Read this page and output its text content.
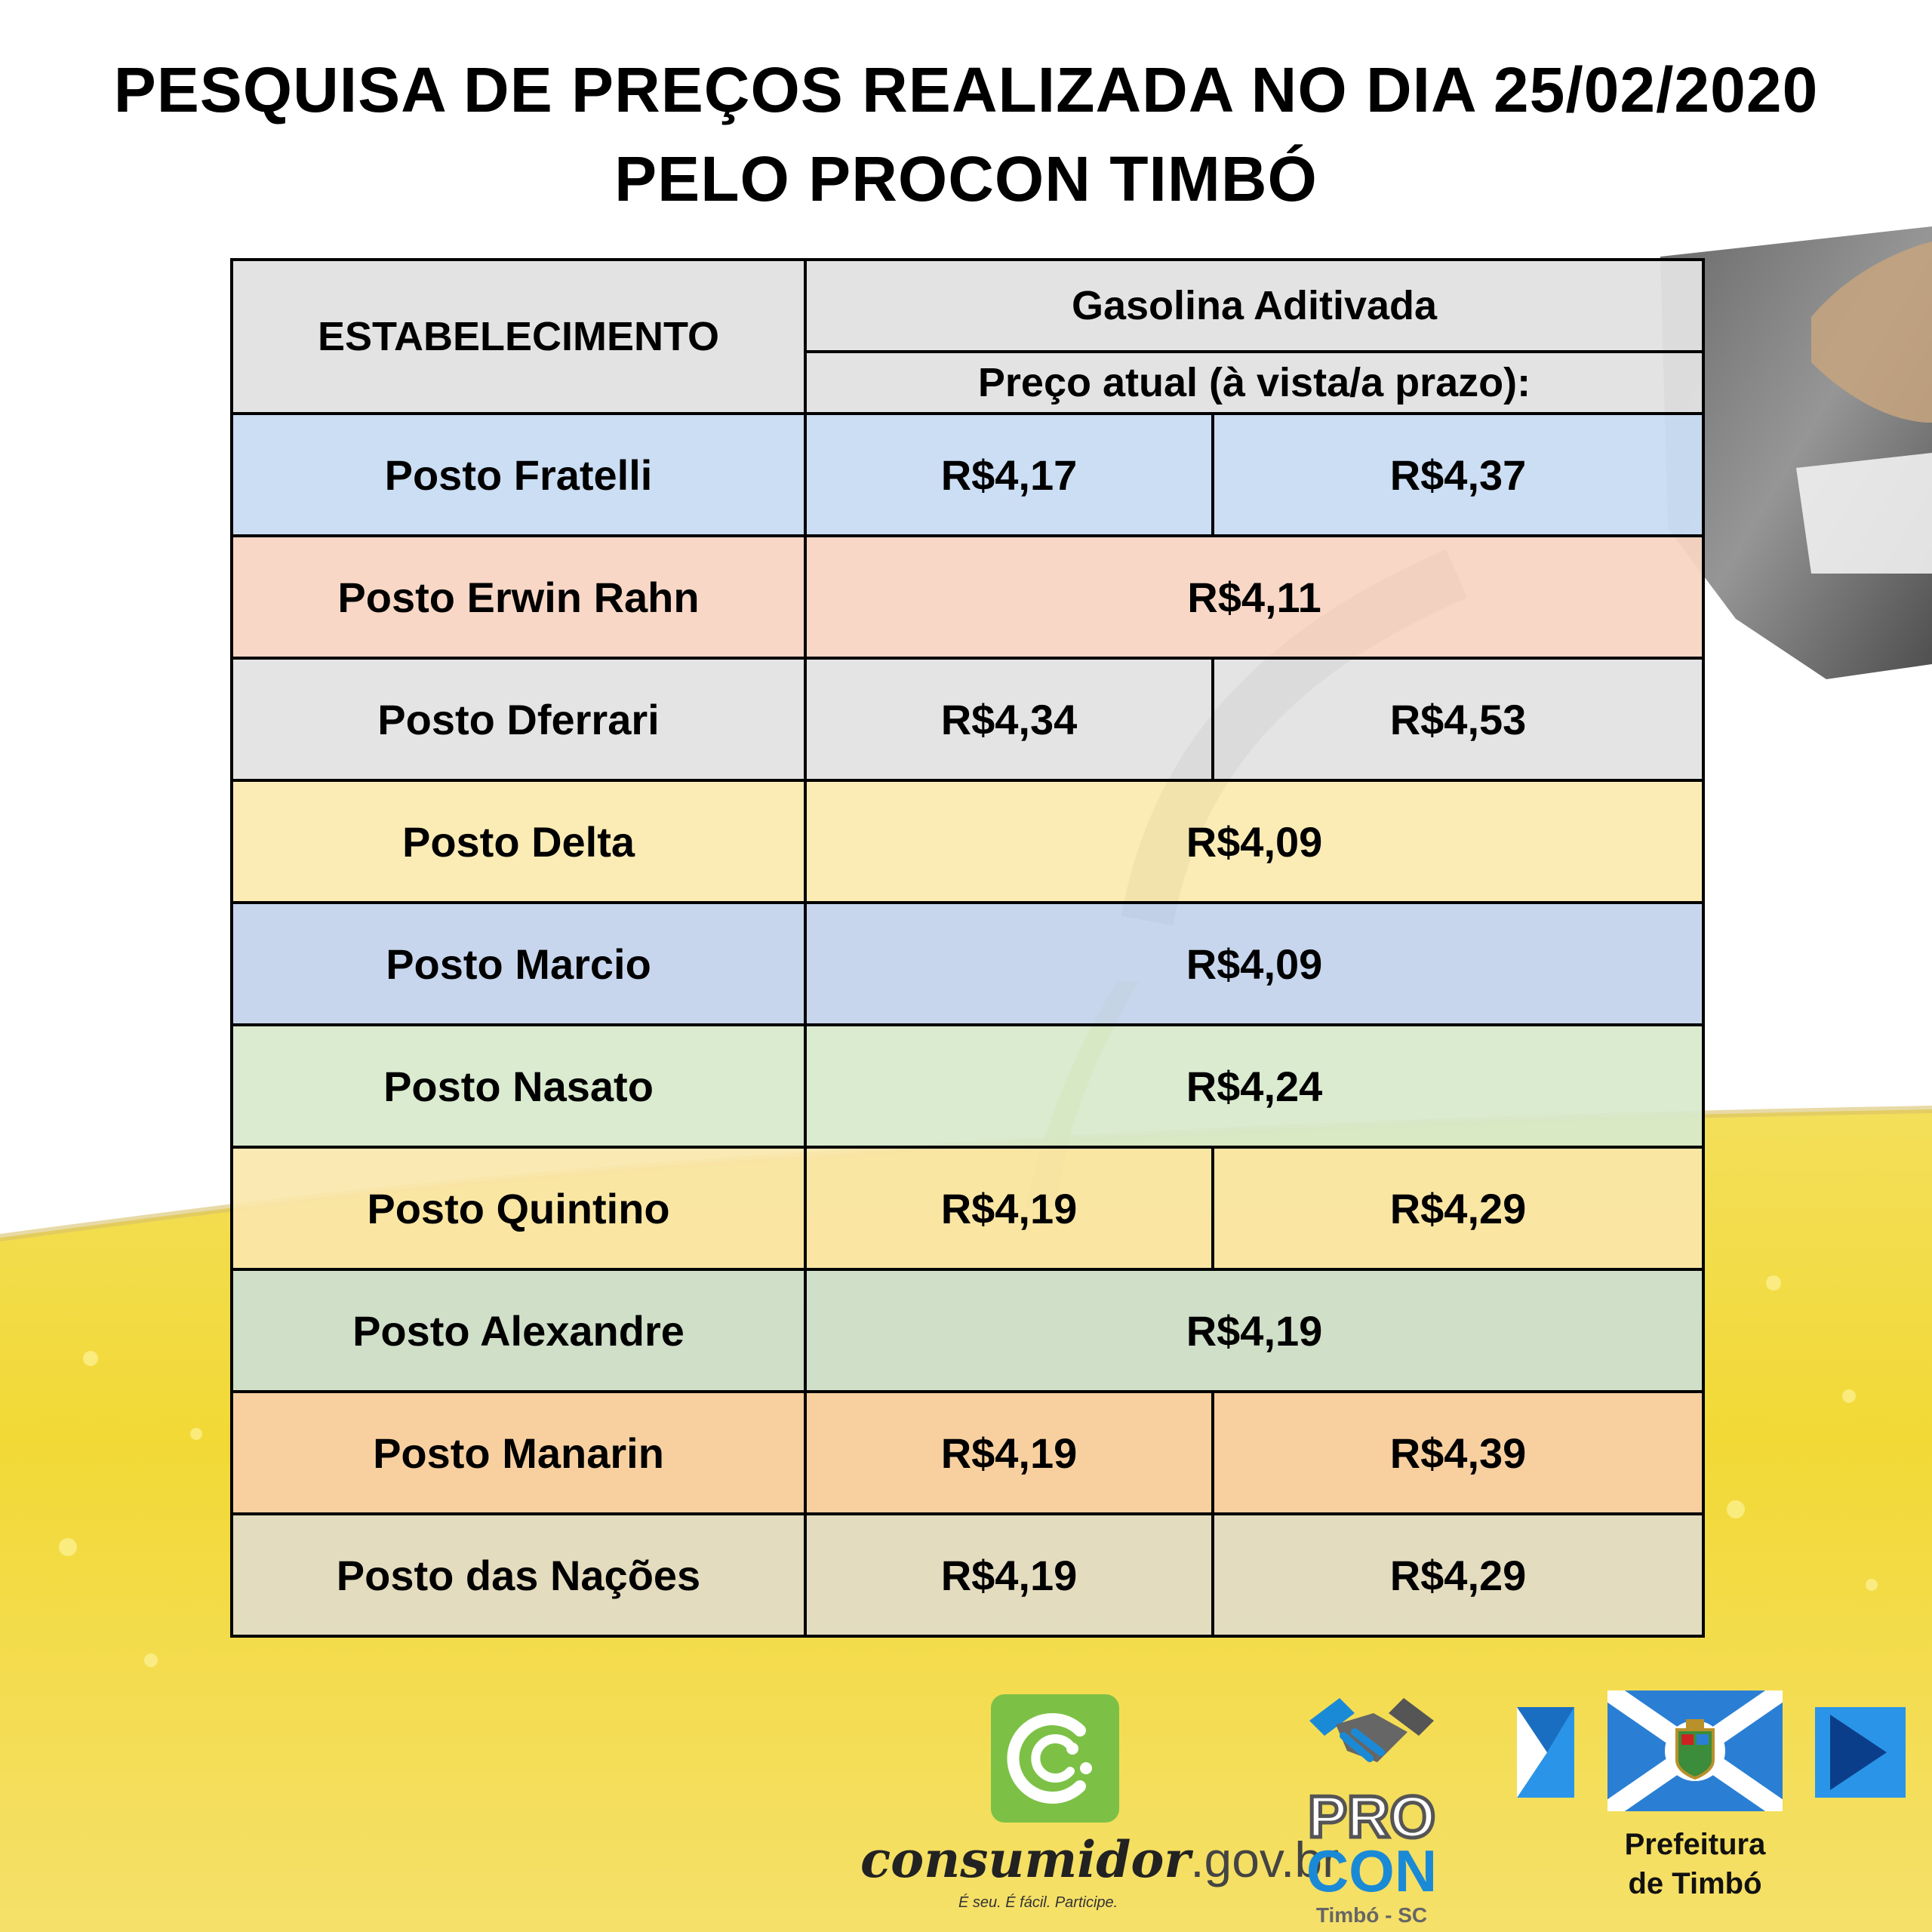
PESQUISA DE PREÇOS REALIZADA NO DIA 25/02/2020
PELO PROCON TIMBÓ
ESTABELECIMENTO	Gasolina Aditivada	
	Preço atual (à vista/a prazo):	
Posto Fratelli	R$4,17	R$4,37
Posto Erwin Rahn	R$4,11	
Posto Dferrari	R$4,34	R$4,53
Posto Delta	R$4,09	
Posto Marcio	R$4,09	
Posto Nasato	R$4,24	
Posto Quintino	R$4,19	R$4,29
Posto Alexandre	R$4,19	
Posto Manarin	R$4,19	R$4,39
Posto das Nações	R$4,19	R$4,29
consumidor.gov.br
É seu. É fácil. Participe.
PRO
CON
Timbó - SC
Prefeitura
de Timbó
